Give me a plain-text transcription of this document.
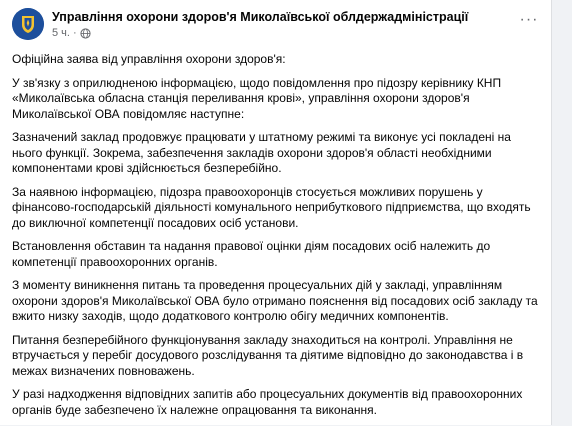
Управління охорони здоров'я Миколаївської облдержадміністрації
5 ч. ·
···

Офіційна заява від управління охорони здоров'я:

У зв'язку з оприлюдненою інформацією, щодо повідомлення про підозру керівнику КНП «Миколаївська обласна станція переливання крові», управління охорони здоров'я Миколаївської ОВА повідомляє наступне:

Зазначений заклад продовжує працювати у штатному режимі та виконує усі покладені на нього функції. Зокрема, забезпечення закладів охорони здоров'я області необхідними компонентами крові здійснюється безперебійно.

За наявною інформацією, підозра правоохоронців стосується можливих порушень у фінансово-господарській діяльності комунального неприбуткового підприємства, що входять до виключної компетенції посадових осіб установи.

Встановлення обставин та надання правової оцінки діям посадових осіб належить до компетенції правоохоронних органів.

З моменту виникнення питань та проведення процесуальних дій у закладі, управлінням охорони здоров'я Миколаївської ОВА було отримано пояснення від посадових осіб закладу та вжито низку заходів, щодо додаткового контролю обігу медичних компонентів.

Питання безперебійного функціонування закладу знаходиться на контролі. Управління не втручається у перебіг досудового розслідування та діятиме відповідно до законодавства і в межах визначених повноважень.

У разі надходження відповідних запитів або процесуальних документів від правоохоронних органів буде забезпечено їх належне опрацювання та виконання.
